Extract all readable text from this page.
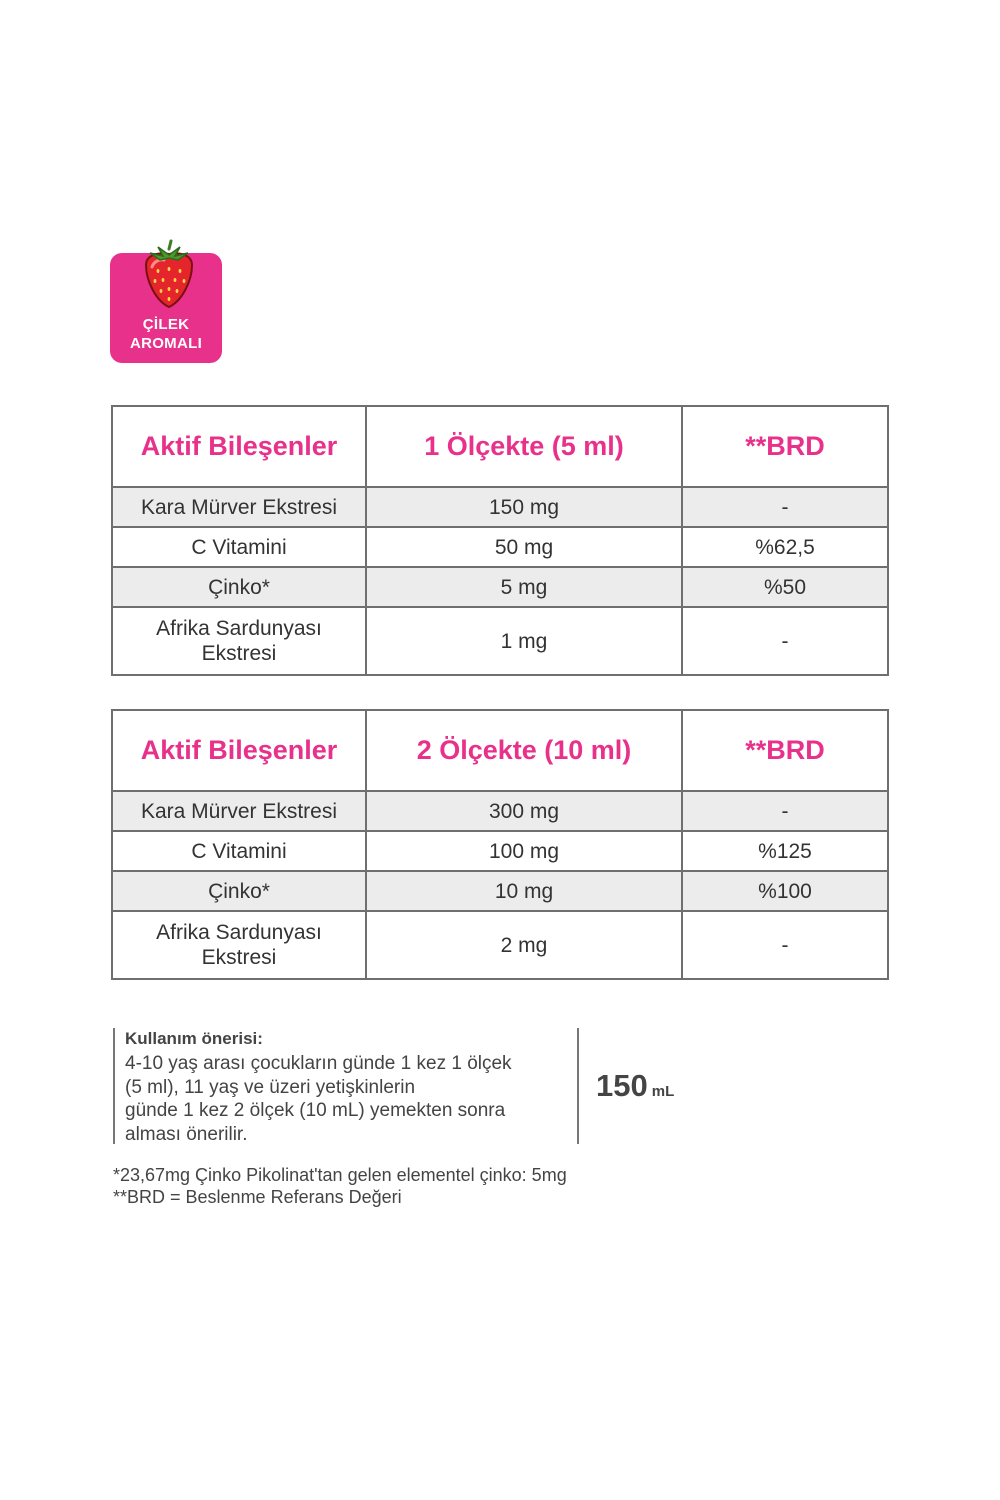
ÇİLEK
AROMALI
Aktif Bileşenler	1 Ölçekte (5 ml)	**BRD
Kara Mürver Ekstresi	150 mg	-
C Vitamini	50 mg	%62,5
Çinko*	5 mg	%50
Afrika Sardunyası Ekstresi	1 mg	-
Aktif Bileşenler	2 Ölçekte (10 ml)	**BRD
Kara Mürver Ekstresi	300 mg	-
C Vitamini	100 mg	%125
Çinko*	10 mg	%100
Afrika Sardunyası Ekstresi	2 mg	-
Kullanım önerisi:
4-10 yaş arası çocukların günde 1 kez 1 ölçek
(5 ml), 11 yaş ve üzeri yetişkinlerin
günde 1 kez 2 ölçek (10 mL) yemekten sonra
alması önerilir.
150 mL
*23,67mg Çinko Pikolinat'tan gelen elementel çinko: 5mg
**BRD = Beslenme Referans Değeri
